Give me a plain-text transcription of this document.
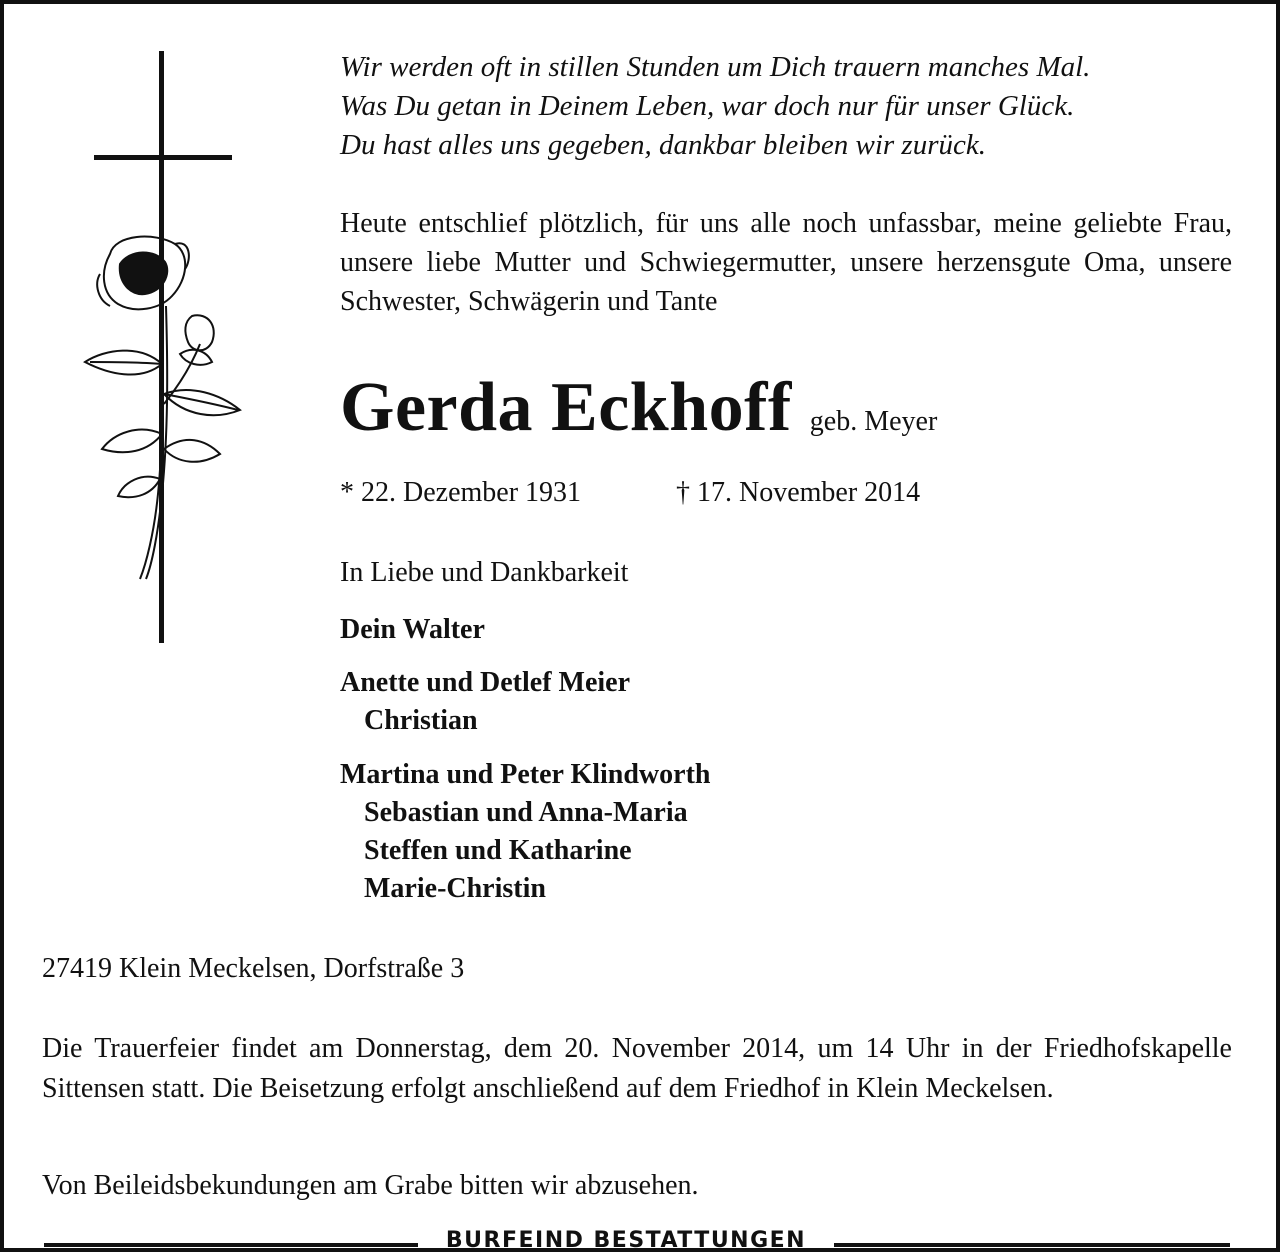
Wir werden oft in stillen Stunden um Dich trauern manches Mal.
Was Du getan in Deinem Leben, war doch nur für unser Glück.
Du hast alles uns gegeben, dankbar bleiben wir zurück.
Heute entschlief plötzlich, für uns alle noch unfassbar, meine geliebte Frau, unsere liebe Mutter und Schwiegermutter, unsere herzensgute Oma, unsere Schwester, Schwägerin und Tante
Gerda Eckhoff geb. Meyer
* 22. Dezember 1931	† 17. November 2014
In Liebe und Dankbarkeit
Dein Walter
Anette und Detlef Meier
Christian
Martina und Peter Klindworth
Sebastian und Anna-Maria
Steffen und Katharine
Marie-Christin
27419 Klein Meckelsen, Dorfstraße 3
Die Trauerfeier findet am Donnerstag, dem 20. November 2014, um 14 Uhr in der Friedhofskapelle Sittensen statt. Die Beisetzung erfolgt anschließend auf dem Friedhof in Klein Meckelsen.
Von Beileidsbekundungen am Grabe bitten wir abzusehen.
BURFEIND BESTATTUNGEN
